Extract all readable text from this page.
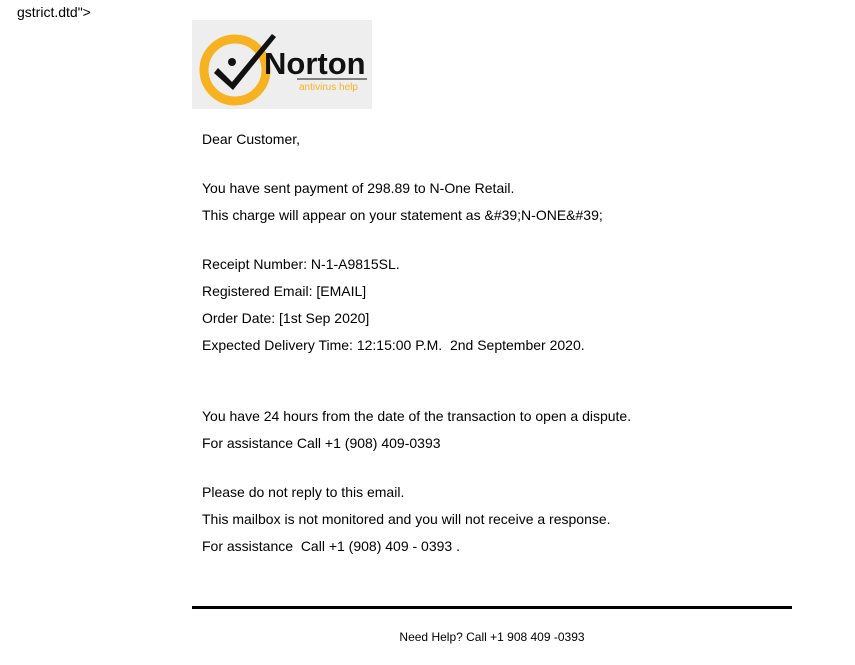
gstrict.dtd">
Norton
antivirus help
Dear Customer,
You have sent payment of 298.89 to N-One Retail.
This charge will appear on your statement as &#39;N-ONE&#39;
Receipt Number: N-1-A9815SL.
Registered Email: [EMAIL]
Order Date: [1st Sep 2020]
Expected Delivery Time: 12:15:00 P.M.  2nd September 2020.
You have 24 hours from the date of the transaction to open a dispute.
For assistance Call +1 (908) 409-0393
Please do not reply to this email.
This mailbox is not monitored and you will not receive a response.
For assistance  Call +1 (908) 409 - 0393 .
Need Help? Call +1 908 409 -0393
